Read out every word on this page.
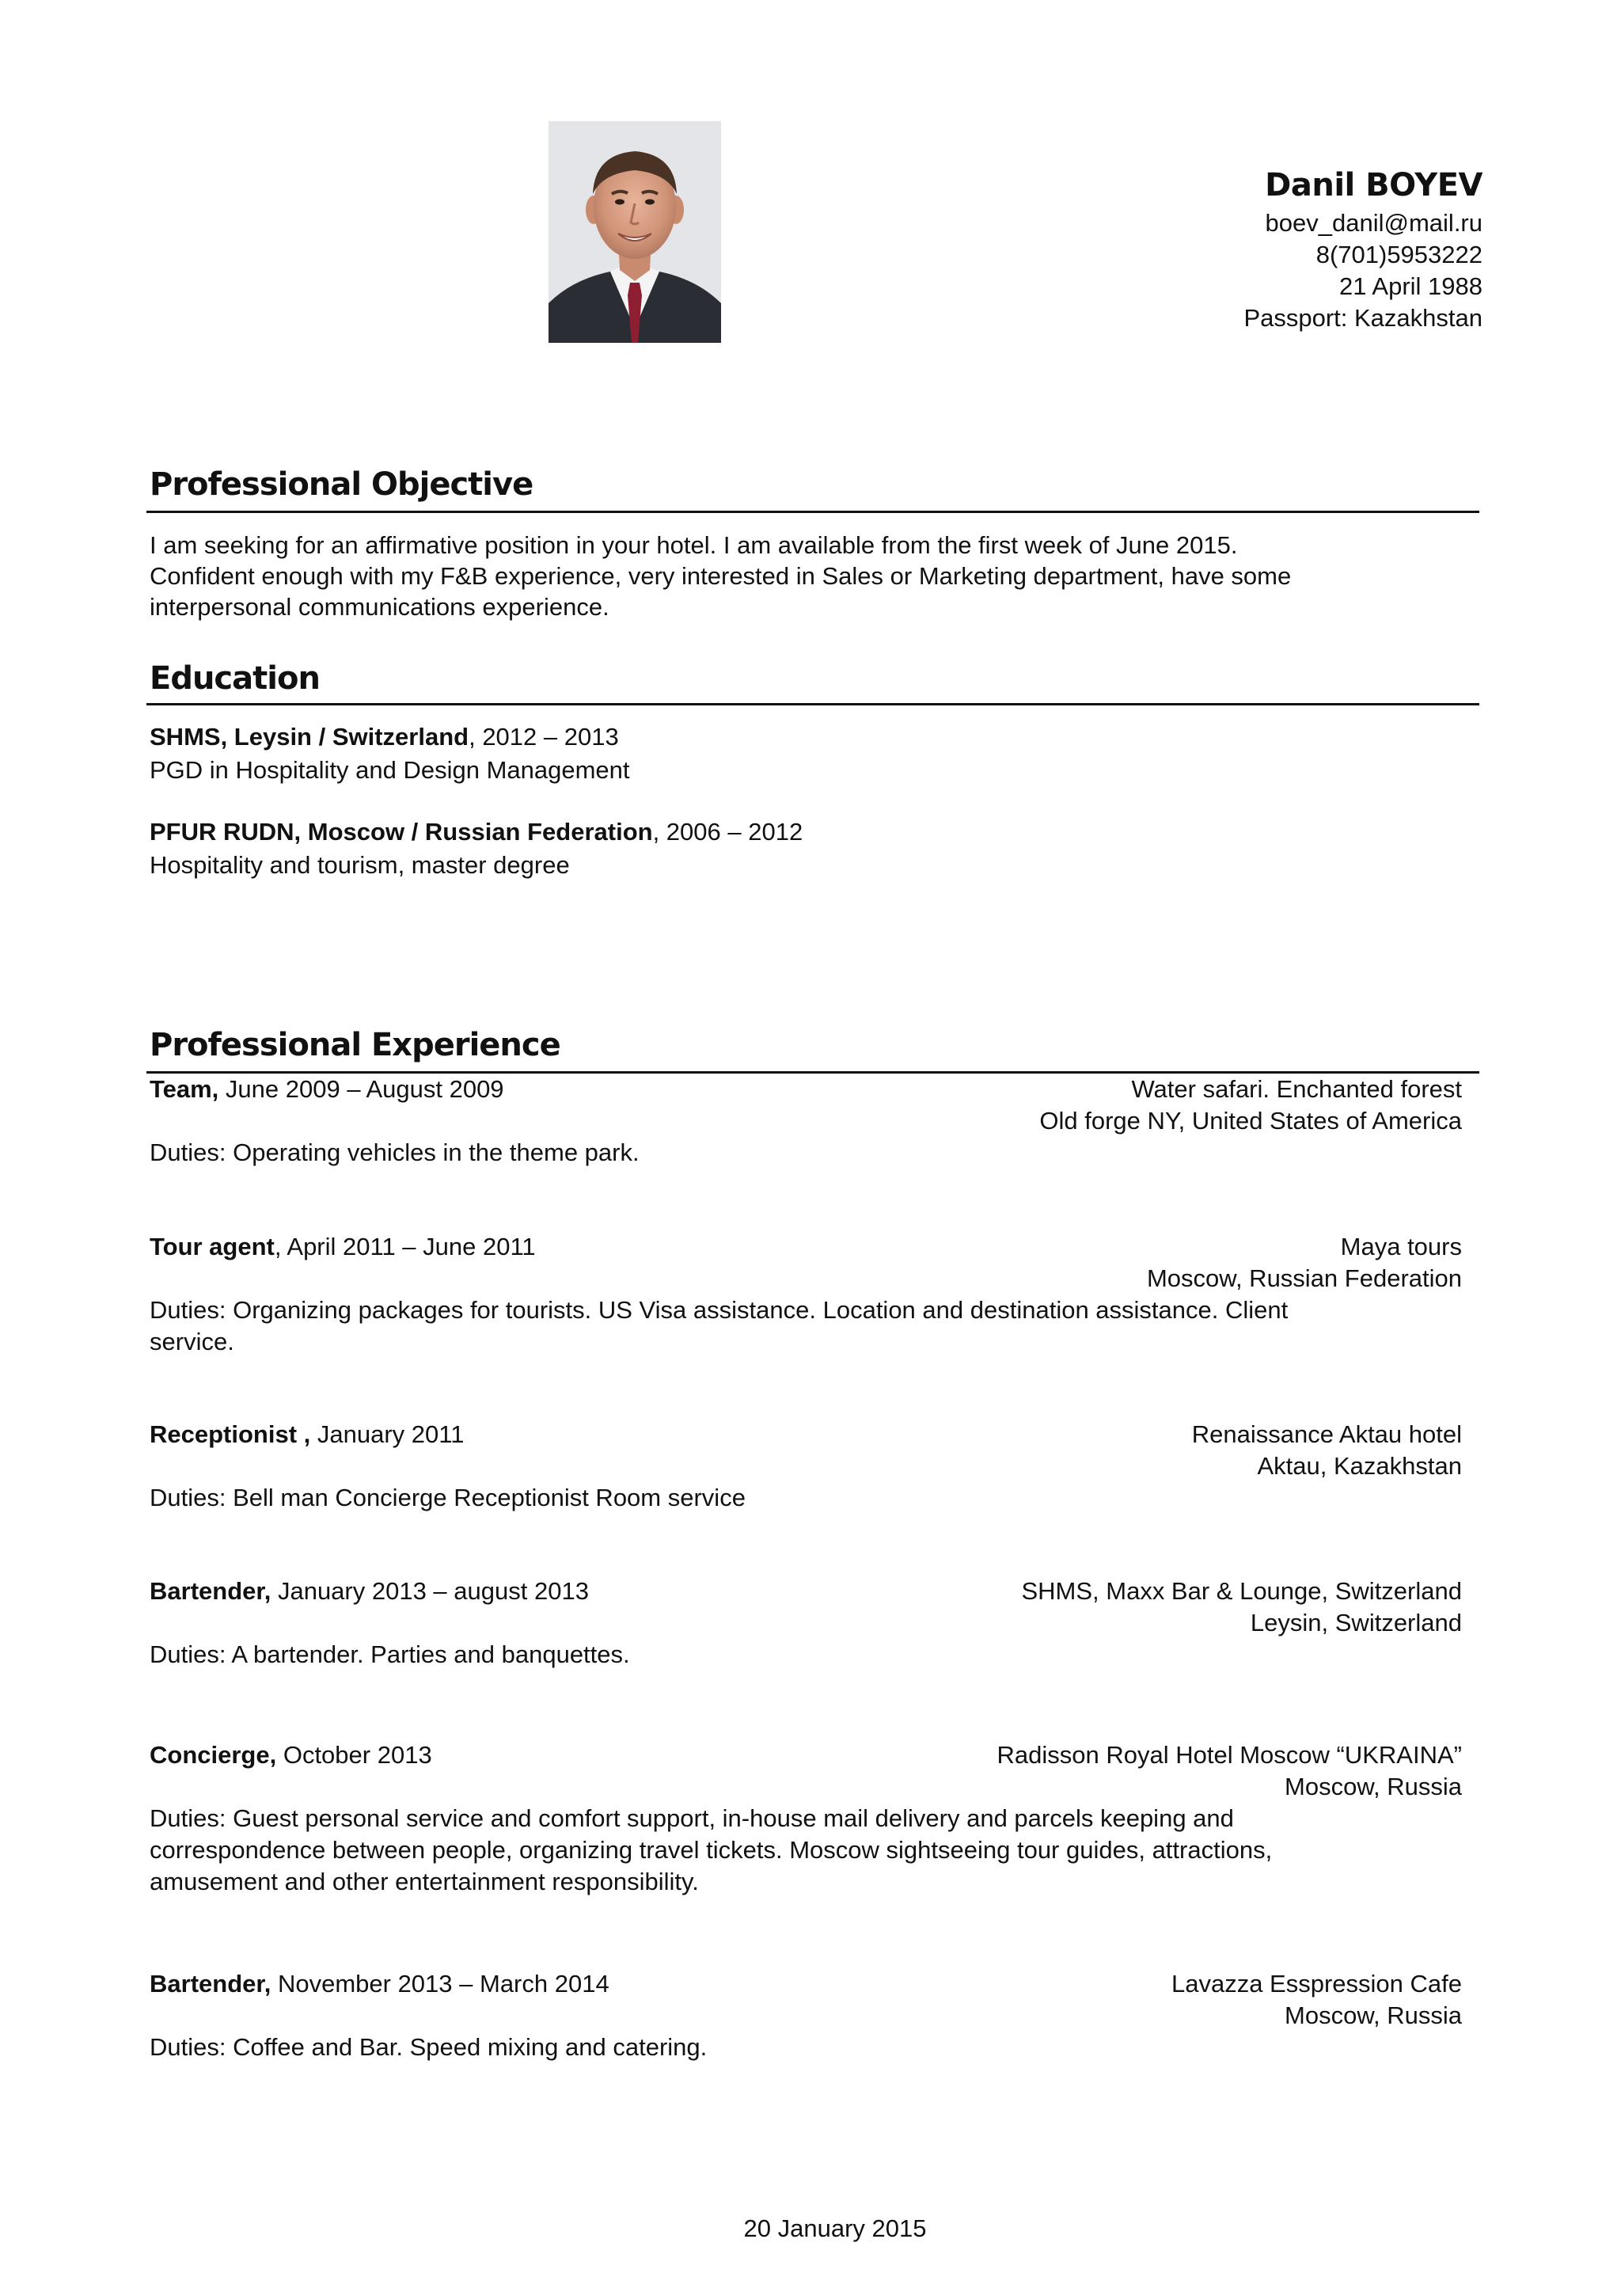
Danil BOYEV
boev_danil@mail.ru
8(701)5953222
21 April 1988
Passport: Kazakhstan
Professional Objective
I am seeking for an affirmative position in your hotel. I am available from the first week of June 2015.
Confident enough with my F&B experience, very interested in Sales or Marketing department, have some
interpersonal communications experience.
Education
SHMS, Leysin / Switzerland, 2012 – 2013
PGD in Hospitality and Design Management
PFUR RUDN, Moscow / Russian Federation, 2006 – 2012
Hospitality and tourism, master degree
Professional Experience
Team, June 2009 – August 2009	Water safari. Enchanted forest
Old forge NY, United States of America
Duties: Operating vehicles in the theme park.
Tour agent, April 2011 – June 2011	Maya tours
Moscow, Russian Federation
Duties: Organizing packages for tourists. US Visa assistance. Location and destination assistance. Client
service.
Receptionist , January 2011	Renaissance Aktau hotel
Aktau, Kazakhstan
Duties: Bell man Concierge Receptionist Room service
Bartender, January 2013 – august 2013	SHMS, Maxx Bar & Lounge, Switzerland
Leysin, Switzerland
Duties: A bartender. Parties and banquettes.
Concierge, October 2013	Radisson Royal Hotel Moscow “UKRAINA”
Moscow, Russia
Duties: Guest personal service and comfort support, in-house mail delivery and parcels keeping and
correspondence between people, organizing travel tickets. Moscow sightseeing tour guides, attractions,
amusement and other entertainment responsibility.
Bartender, November 2013 – March 2014	Lavazza Esspression Cafe
Moscow, Russia
Duties: Coffee and Bar. Speed mixing and catering.
20 January 2015
